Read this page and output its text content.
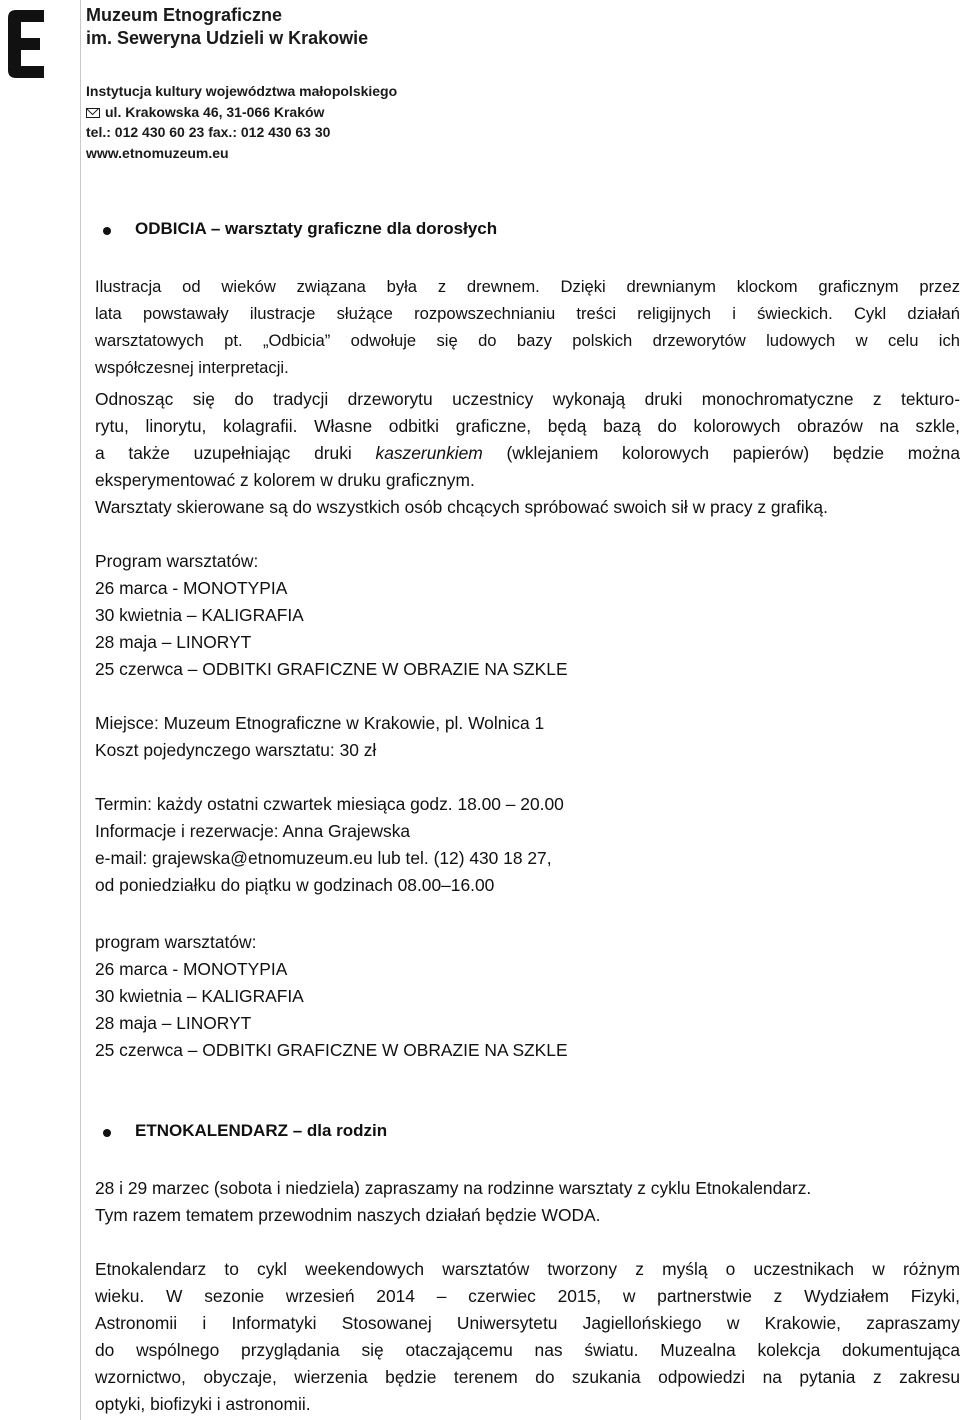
Muzeum Etnograficzne
im. Seweryna Udzieli w Krakowie
Instytucja kultury województwa małopolskiego
ul. Krakowska 46, 31-066 Kraków
tel.: 012 430 60 23 fax.: 012 430 63 30
www.etnomuzeum.eu
ODBICIA – warsztaty graficzne dla dorosłych
Ilustracja od wieków związana była z drewnem. Dzięki drewnianym klockom graficznym przez
lata powstawały ilustracje służące rozpowszechnianiu treści religijnych i świeckich. Cykl działań
warsztatowych pt. „Odbicia” odwołuje się do bazy polskich drzeworytów ludowych w celu ich
współczesnej interpretacji.
Odnosząc się do tradycji drzeworytu uczestnicy wykonają druki monochromatyczne z tekturo-
rytu, linorytu, kolagrafii. Własne odbitki graficzne, będą bazą do kolorowych obrazów na szkle,
a także uzupełniając druki kaszerunkiem (wklejaniem kolorowych papierów) będzie można
eksperymentować z kolorem w druku graficznym.
Warsztaty skierowane są do wszystkich osób chcących spróbować swoich sił w pracy z grafiką.
Program warsztatów:
26 marca - MONOTYPIA
30 kwietnia – KALIGRAFIA
28 maja – LINORYT
25 czerwca – ODBITKI GRAFICZNE W OBRAZIE NA SZKLE
Miejsce: Muzeum Etnograficzne w Krakowie, pl. Wolnica 1
Koszt pojedynczego warsztatu: 30 zł
Termin: każdy ostatni czwartek miesiąca godz. 18.00 – 20.00
Informacje i rezerwacje: Anna Grajewska
e-mail: grajewska@etnomuzeum.eu lub tel. (12) 430 18 27,
od poniedziałku do piątku w godzinach 08.00–16.00
program warsztatów:
26 marca - MONOTYPIA
30 kwietnia – KALIGRAFIA
28 maja – LINORYT
25 czerwca – ODBITKI GRAFICZNE W OBRAZIE NA SZKLE
ETNOKALENDARZ – dla rodzin
28 i 29 marzec (sobota i niedziela) zapraszamy na rodzinne warsztaty z cyklu Etnokalendarz.
Tym razem tematem przewodnim naszych działań będzie WODA.
Etnokalendarz to cykl weekendowych warsztatów tworzony z myślą o uczestnikach w różnym
wieku. W sezonie wrzesień 2014 – czerwiec 2015, w partnerstwie z Wydziałem Fizyki,
Astronomii i Informatyki Stosowanej Uniwersytetu Jagiellońskiego w Krakowie, zapraszamy
do wspólnego przyglądania się otaczającemu nas światu. Muzealna kolekcja dokumentująca
wzornictwo, obyczaje, wierzenia będzie terenem do szukania odpowiedzi na pytania z zakresu
optyki, biofizyki i astronomii.
